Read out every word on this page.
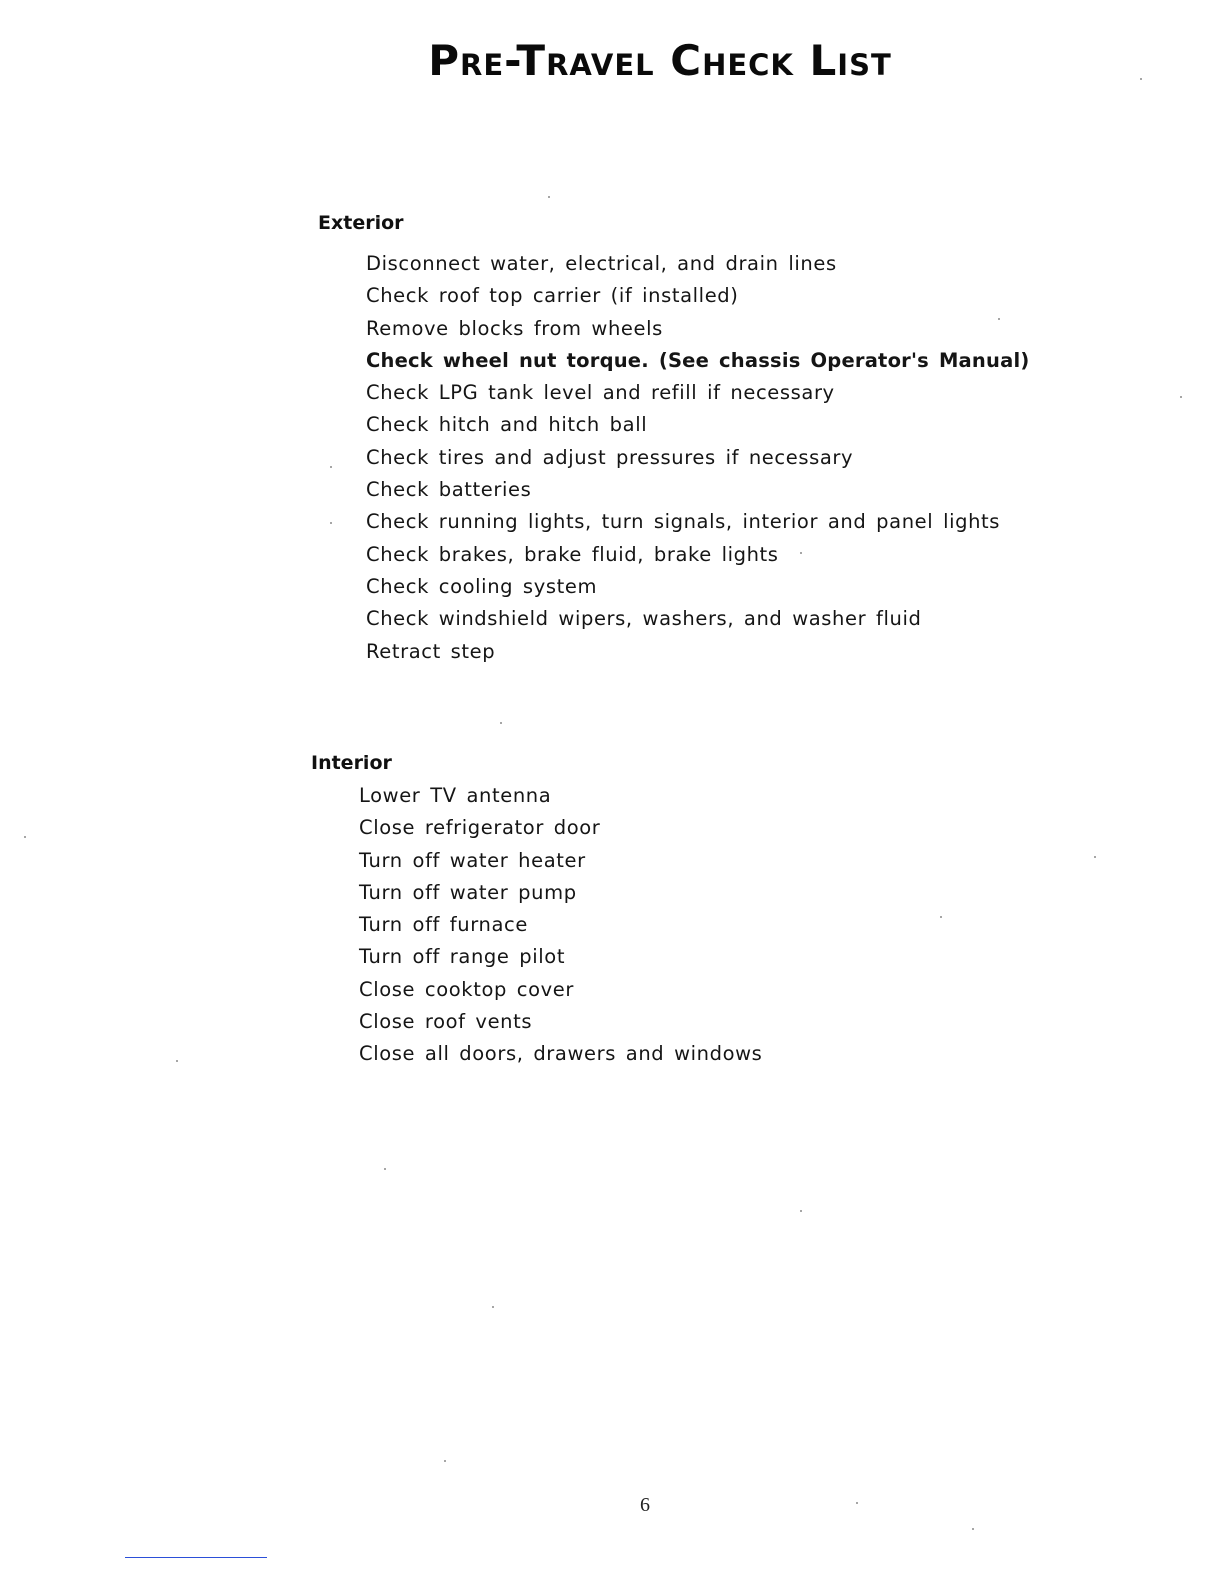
Pre-Travel Check List
Exterior
Disconnect water, electrical, and drain lines
Check roof top carrier (if installed)
Remove blocks from wheels
Check wheel nut torque. (See chassis Operator's Manual)
Check LPG tank level and refill if necessary
Check hitch and hitch ball
Check tires and adjust pressures if necessary
Check batteries
Check running lights, turn signals, interior and panel lights
Check brakes, brake fluid, brake lights
Check cooling system
Check windshield wipers, washers, and washer fluid
Retract step
Interior
Lower TV antenna
Close refrigerator door
Turn off water heater
Turn off water pump
Turn off furnace
Turn off range pilot
Close cooktop cover
Close roof vents
Close all doors, drawers and windows
6
